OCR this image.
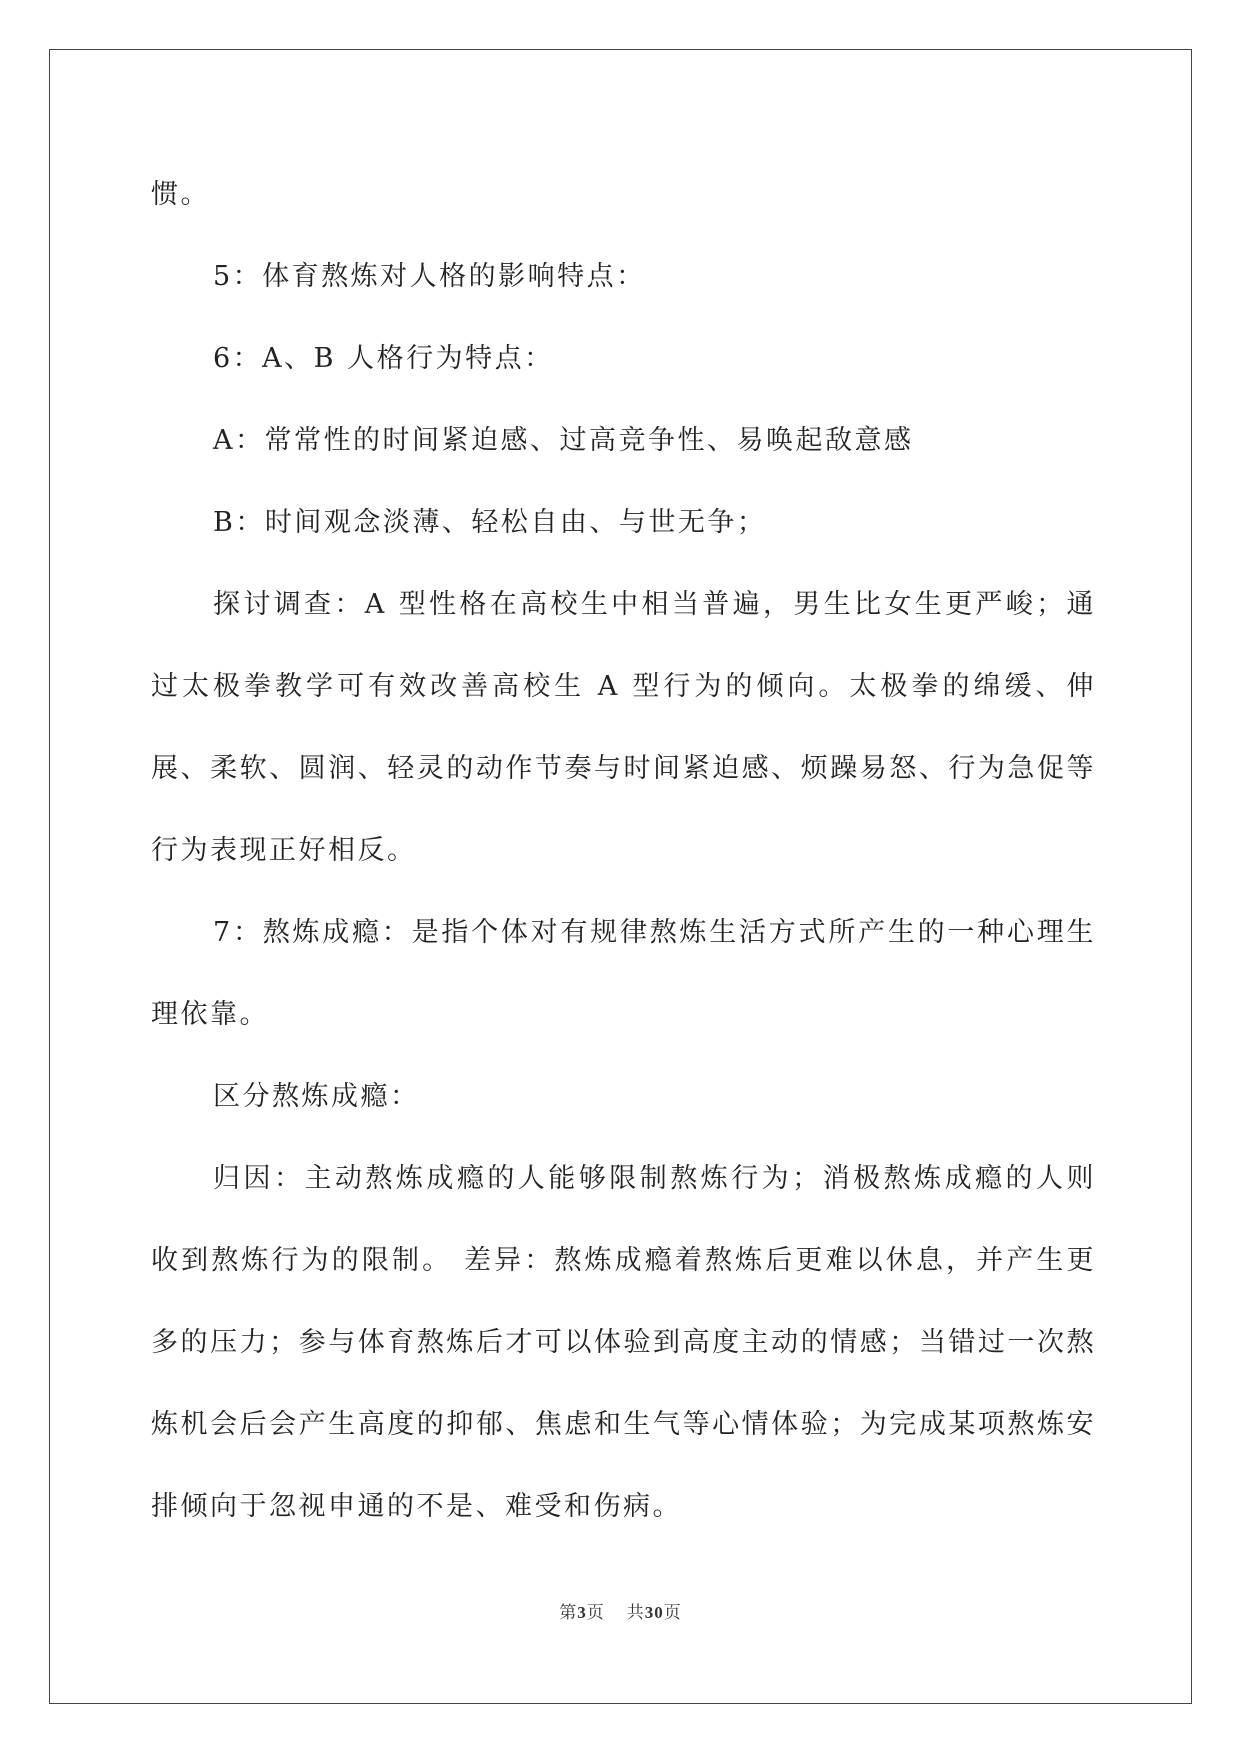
惯。

5：体育熬炼对人格的影响特点：

6：A、B 人格行为特点：

A：常常性的时间紧迫感、过高竞争性、易唤起敌意感

B：时间观念淡薄、轻松自由、与世无争；

探讨调查：A 型性格在高校生中相当普遍，男生比女生更严峻；通过太极拳教学可有效改善高校生 A 型行为的倾向。太极拳的绵缓、伸展、柔软、圆润、轻灵的动作节奏与时间紧迫感、烦躁易怒、行为急促等行为表现正好相反。

7：熬炼成瘾：是指个体对有规律熬炼生活方式所产生的一种心理生理依靠。

区分熬炼成瘾：

归因：主动熬炼成瘾的人能够限制熬炼行为；消极熬炼成瘾的人则收到熬炼行为的限制。 差异：熬炼成瘾着熬炼后更难以休息，并产生更多的压力；参与体育熬炼后才可以体验到高度主动的情感；当错过一次熬炼机会后会产生高度的抑郁、焦虑和生气等心情体验；为完成某项熬炼安排倾向于忽视申通的不是、难受和伤病。

第3页 共30页
